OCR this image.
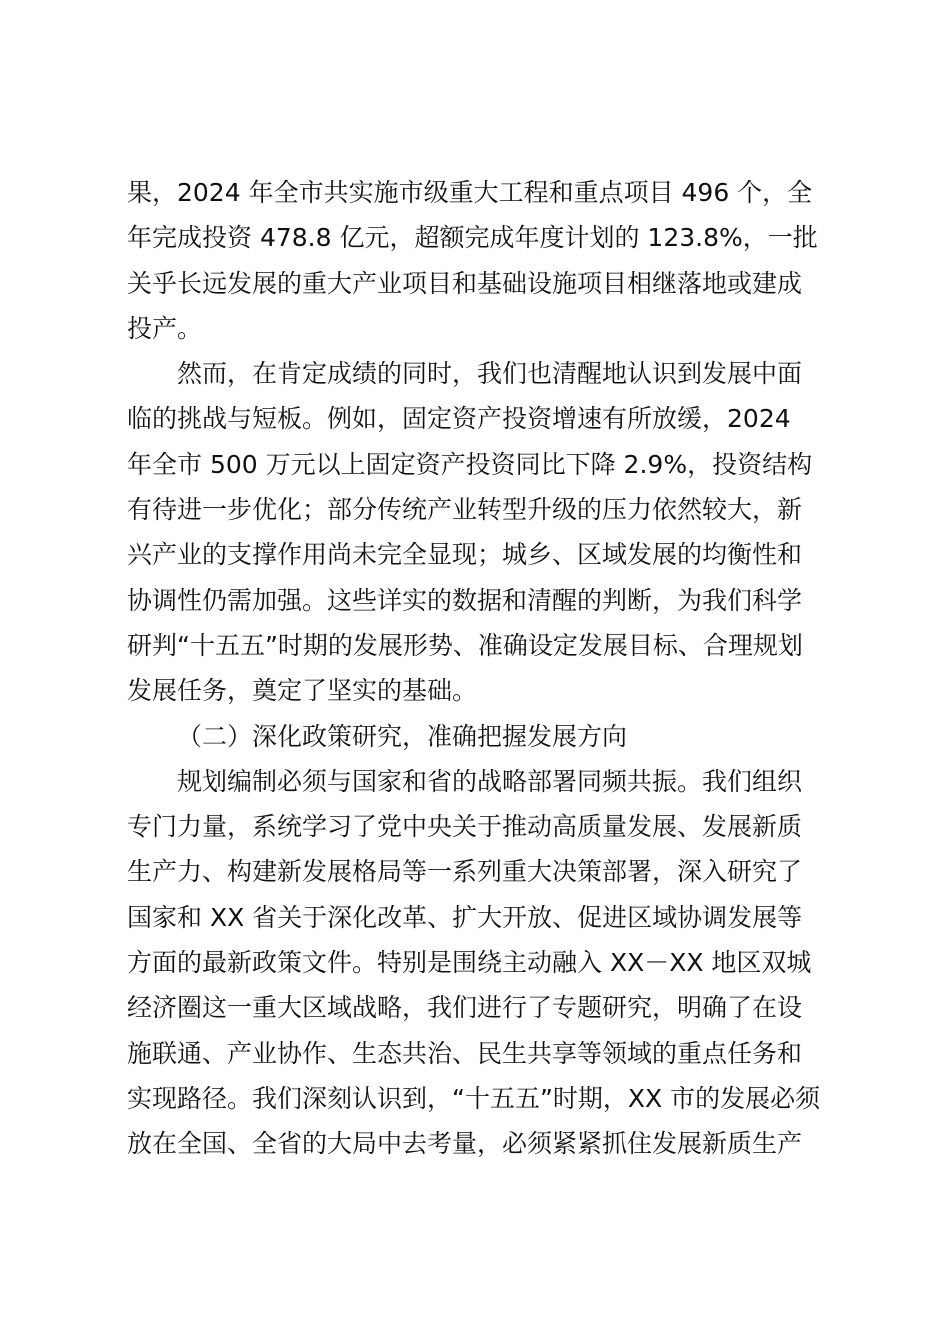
果，2024 年全市共实施市级重大工程和重点项目 496 个，全
年完成投资 478.8 亿元，超额完成年度计划的 123.8%，一批
关乎长远发展的重大产业项目和基础设施项目相继落地或建成
投产。

然而，在肯定成绩的同时，我们也清醒地认识到发展中面
临的挑战与短板。例如，固定资产投资增速有所放缓，2024
年全市 500 万元以上固定资产投资同比下降 2.9%，投资结构
有待进一步优化；部分传统产业转型升级的压力依然较大，新
兴产业的支撑作用尚未完全显现；城乡、区域发展的均衡性和
协调性仍需加强。这些详实的数据和清醒的判断，为我们科学
研判“十五五”时期的发展形势、准确设定发展目标、合理规划
发展任务，奠定了坚实的基础。

（二）深化政策研究，准确把握发展方向

规划编制必须与国家和省的战略部署同频共振。我们组织
专门力量，系统学习了党中央关于推动高质量发展、发展新质
生产力、构建新发展格局等一系列重大决策部署，深入研究了
国家和 XX 省关于深化改革、扩大开放、促进区域协调发展等
方面的最新政策文件。特别是围绕主动融入 XX－XX 地区双城
经济圈这一重大区域战略，我们进行了专题研究，明确了在设
施联通、产业协作、生态共治、民生共享等领域的重点任务和
实现路径。我们深刻认识到，“十五五”时期，XX 市的发展必须
放在全国、全省的大局中去考量，必须紧紧抓住发展新质生产
